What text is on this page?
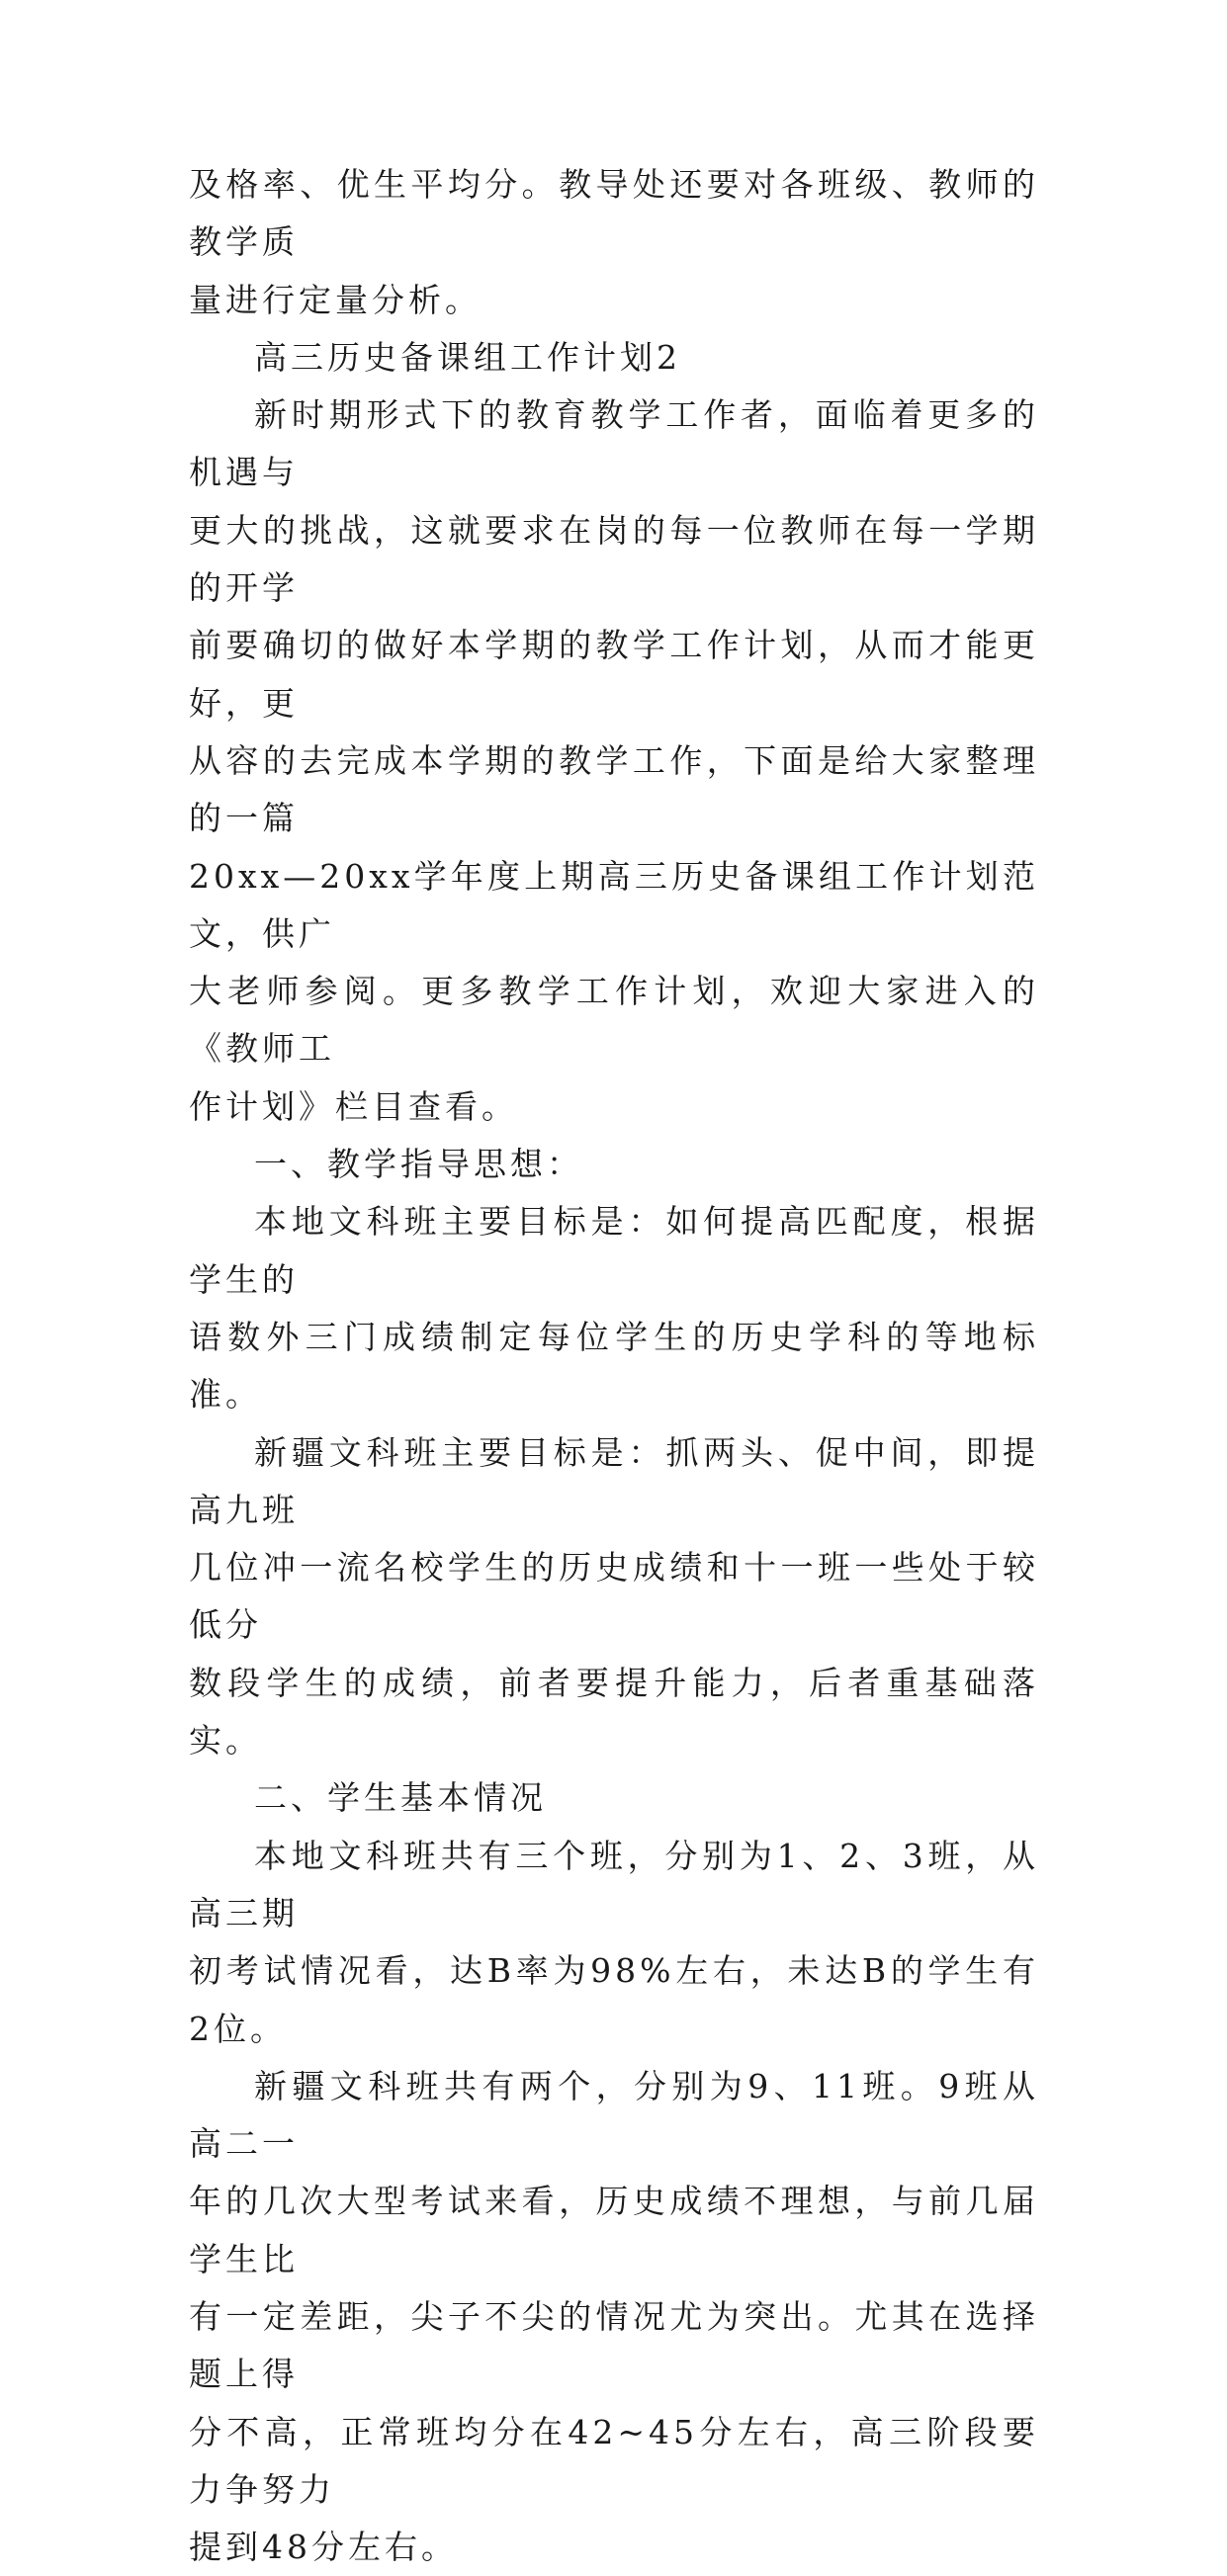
及格率、优生平均分。教导处还要对各班级、教师的教学质
量进行定量分析。

高三历史备课组工作计划2

新时期形式下的教育教学工作者，面临着更多的机遇与
更大的挑战，这就要求在岗的每一位教师在每一学期的开学
前要确切的做好本学期的教学工作计划，从而才能更好，更
从容的去完成本学期的教学工作，下面是给大家整理的一篇
20xx—20xx学年度上期高三历史备课组工作计划范文，供广
大老师参阅。更多教学工作计划，欢迎大家进入的《教师工
作计划》栏目查看。

一、教学指导思想：

本地文科班主要目标是：如何提高匹配度，根据学生的
语数外三门成绩制定每位学生的历史学科的等地标准。

新疆文科班主要目标是：抓两头、促中间，即提高九班
几位冲一流名校学生的历史成绩和十一班一些处于较低分
数段学生的成绩，前者要提升能力，后者重基础落实。

二、学生基本情况

本地文科班共有三个班，分别为1、2、3班，从高三期
初考试情况看，达B率为98%左右，未达B的学生有2位。

新疆文科班共有两个，分别为9、11班。9班从高二一
年的几次大型考试来看，历史成绩不理想，与前几届学生比
有一定差距，尖子不尖的情况尤为突出。尤其在选择题上得
分不高，正常班均分在42~45分左右，高三阶段要力争努力
提到48分左右。
